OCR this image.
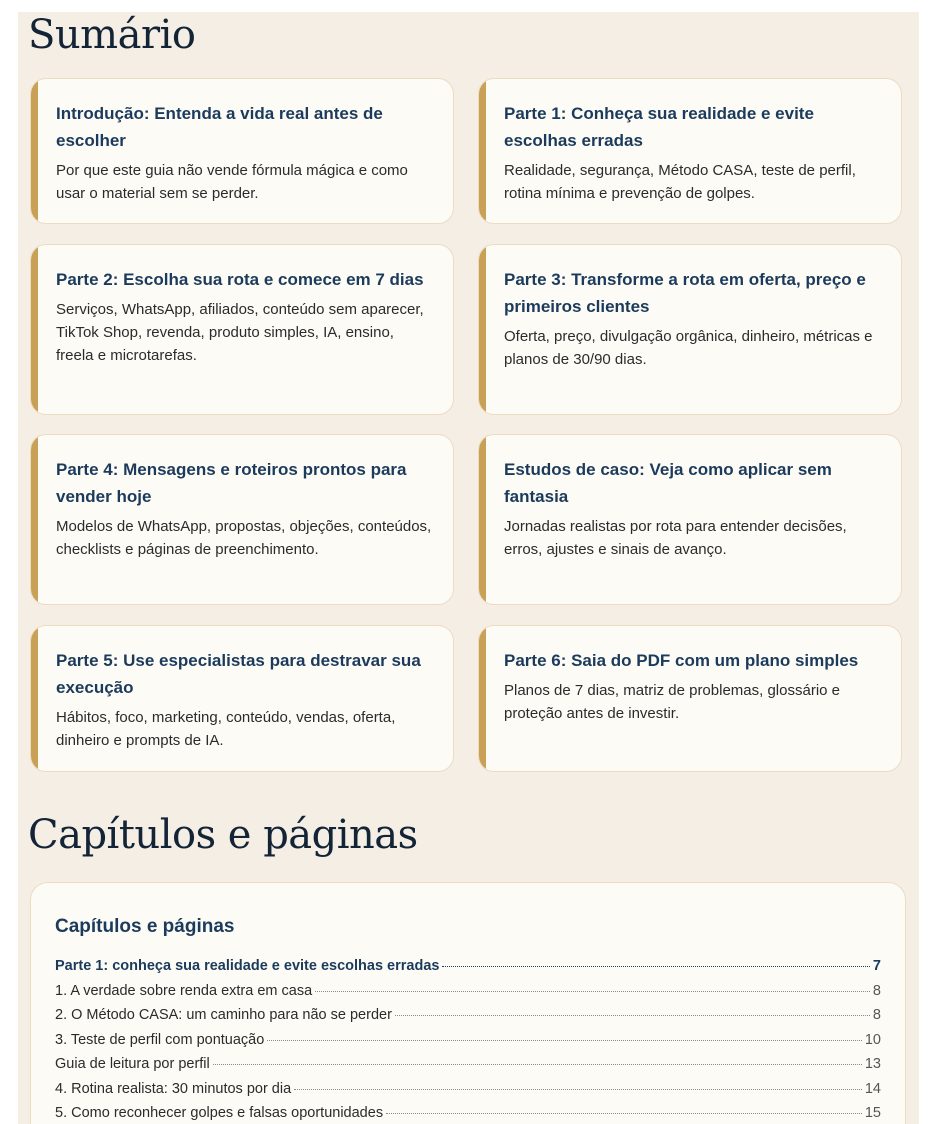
Sumário
Introdução: Entenda a vida real antes de escolher
Por que este guia não vende fórmula mágica e como usar o material sem se perder.
Parte 1: Conheça sua realidade e evite escolhas erradas
Realidade, segurança, Método CASA, teste de perfil, rotina mínima e prevenção de golpes.
Parte 2: Escolha sua rota e comece em 7 dias
Serviços, WhatsApp, afiliados, conteúdo sem aparecer, TikTok Shop, revenda, produto simples, IA, ensino, freela e microtarefas.
Parte 3: Transforme a rota em oferta, preço e primeiros clientes
Oferta, preço, divulgação orgânica, dinheiro, métricas e planos de 30/90 dias.
Parte 4: Mensagens e roteiros prontos para vender hoje
Modelos de WhatsApp, propostas, objeções, conteúdos, checklists e páginas de preenchimento.
Estudos de caso: Veja como aplicar sem fantasia
Jornadas realistas por rota para entender decisões, erros, ajustes e sinais de avanço.
Parte 5: Use especialistas para destravar sua execução
Hábitos, foco, marketing, conteúdo, vendas, oferta, dinheiro e prompts de IA.
Parte 6: Saia do PDF com um plano simples
Planos de 7 dias, matriz de problemas, glossário e proteção antes de investir.
Capítulos e páginas
Capítulos e páginas
Parte 1: conheça sua realidade e evite escolhas erradas	7
1. A verdade sobre renda extra em casa	8
2. O Método CASA: um caminho para não se perder	8
3. Teste de perfil com pontuação	10
Guia de leitura por perfil	13
4. Rotina realista: 30 minutos por dia	14
5. Como reconhecer golpes e falsas oportunidades	15
